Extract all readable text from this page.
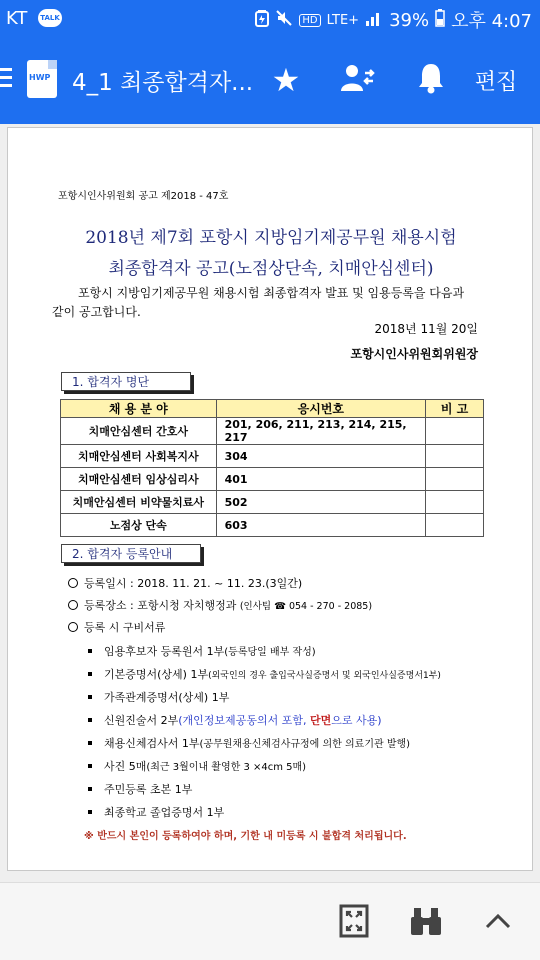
KT	TALK	HD LTE+ 39% 오후 4:07
HWP 4_1 최종합격자... ★	편집
포항시인사위원회 공고 제2018 - 47호
2018년 제7회 포항시 지방임기제공무원 채용시험
최종합격자 공고(노점상단속, 치매안심센터)
포항시 지방임기제공무원 채용시험 최종합격자 발표 및 임용등록을 다음과
같이 공고합니다.
2018년 11월 20일
포항시인사위원회위원장
1. 합격자 명단
채 용 분 야	응시번호	비 고
치매안심센터 간호사	201, 206, 211, 213, 214, 215, 217	
치매안심센터 사회복지사	304	
치매안심센터 임상심리사	401	
치매안심센터 비약물치료사	502	
노점상 단속	603	
2. 합격자 등록안내
등록일시 : 2018. 11. 21. ~ 11. 23.(3일간)
등록장소 : 포항시청 자치행정과 (인사팀 ☎ 054 - 270 - 2085)
등록 시 구비서류
임용후보자 등록원서 1부(등록당일 배부 작성)
기본증명서(상세) 1부(외국인의 경우 출입국사실증명서 및 외국인사실증명서1부)
가족관계증명서(상세) 1부
신원진술서 2부(개인정보제공동의서 포함, 단면으로 사용)
채용신체검사서 1부(공무원채용신체검사규정에 의한 의료기관 발행)
사진 5매(최근 3월이내 촬영한 3 ×4cm 5매)
주민등록 초본 1부
최종학교 졸업증명서 1부
※ 반드시 본인이 등록하여야 하며, 기한 내 미등록 시 불합격 처리됩니다.
